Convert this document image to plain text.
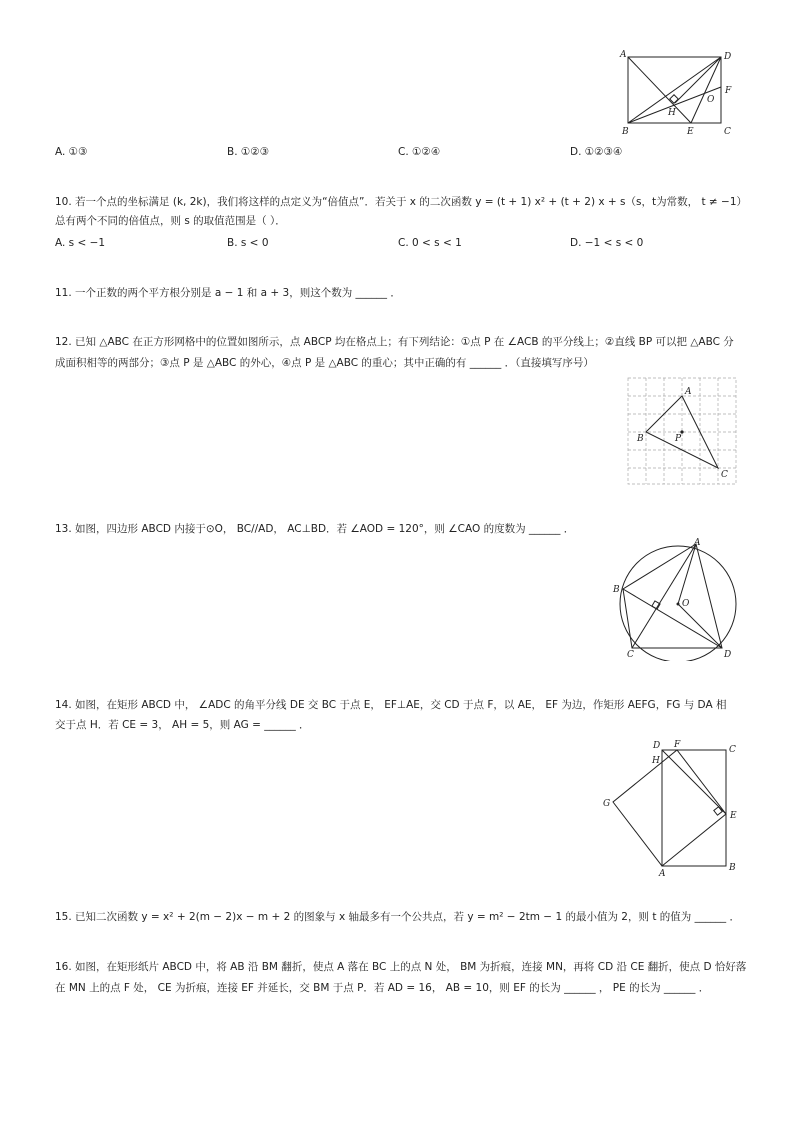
A	D
O
F
H
B	E	C
A. ①③	B. ①②③	C. ①②④	D. ①②③④
10. 若一个点的坐标满足 (k, 2k)，我们将这样的点定义为“倍值点”．若关于 x 的二次函数 y = (t + 1) x² + (t + 2) x + s（s，t为常数， t ≠ −1）
总有两个不同的倍值点，则 s 的取值范围是（ ）．
A. s < −1	B. s < 0	C. 0 < s < 1	D. −1 < s < 0
11. 一个正数的两个平方根分别是 a − 1 和 a + 3，则这个数为 ______ ．
12. 已知 △ABC 在正方形网格中的位置如图所示，点 ABCP 均在格点上；有下列结论：①点 P 在 ∠ACB 的平分线上；②直线 BP 可以把 △ABC 分
成面积相等的两部分；③点 P 是 △ABC 的外心，④点 P 是 △ABC 的重心；其中正确的有 ______ ．（直接填写序号）
A
B	P
C
13. 如图，四边形 ABCD 内接于⊙O， BC//AD， AC⊥BD．若 ∠AOD = 120°，则 ∠CAO 的度数为 ______ ．
A
B
O
C	D
14. 如图，在矩形 ABCD 中， ∠ADC 的角平分线 DE 交 BC 于点 E， EF⊥AE，交 CD 于点 F，以 AE， EF 为边，作矩形 AEFG，FG 与 DA 相
交于点 H．若 CE = 3， AH = 5，则 AG = ______ ．
D F	C
H
G
E
A
B
15. 已知二次函数 y = x² + 2(m − 2)x − m + 2 的图象与 x 轴最多有一个公共点，若 y = m² − 2tm − 1 的最小值为 2，则 t 的值为 ______ ．
16. 如图，在矩形纸片 ABCD 中，将 AB 沿 BM 翻折，使点 A 落在 BC 上的点 N 处， BM 为折痕，连接 MN，再将 CD 沿 CE 翻折，使点 D 恰好落
在 MN 上的点 F 处， CE 为折痕，连接 EF 并延长，交 BM 于点 P．若 AD = 16， AB = 10，则 EF 的长为 ______ ， PE 的长为 ______ ．
